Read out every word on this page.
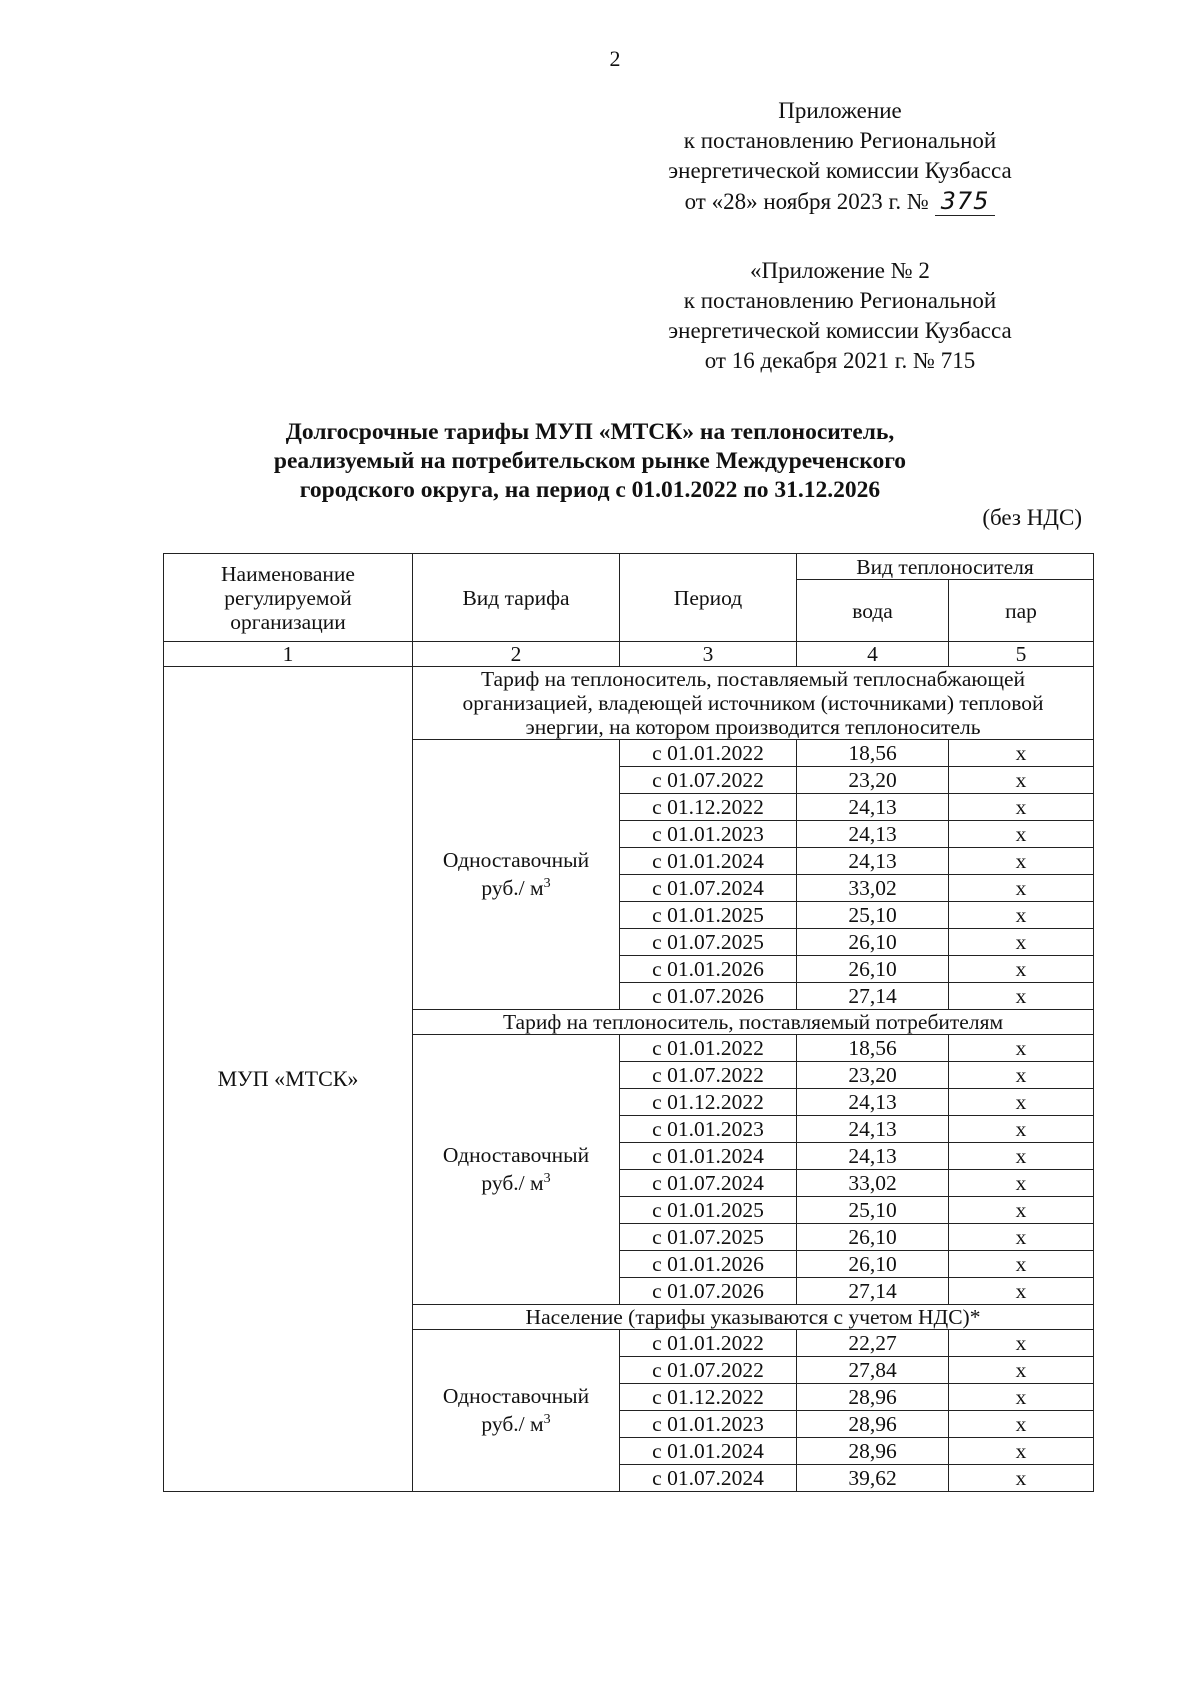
2
Приложение
к постановлению Региональной
энергетической комиссии Кузбасса
от «28» ноября 2023 г. № 375
«Приложение № 2
к постановлению Региональной
энергетической комиссии Кузбасса
от 16 декабря 2021 г. № 715
Долгосрочные тарифы МУП «МТСК» на теплоноситель,
реализуемый на потребительском рынке Междуреченского
городского округа, на период с 01.01.2022 по 31.12.2026
(без НДС)
Наименование
регулируемой
организации	Вид тарифа	Период	Вид теплоносителя	
			вода	пар
1	2	3	4	5
МУП «МТСК»	Тариф на теплоноситель, поставляемый теплоснабжающей
организацией, владеющей источником (источниками) тепловой
энергии, на котором производится теплоноситель			

	Одноставочный
руб./ $м^3$	с 01.01.2022	18,56	x
		с 01.07.2022	23,20	x
		с 01.12.2022	24,13	x
		с 01.01.2023	24,13	x
		с 01.01.2024	24,13	x
		с 01.07.2024	33,02	x
		с 01.01.2025	25,10	x
		с 01.07.2025	26,10	x
		с 01.01.2026	26,10	x
		с 01.07.2026	27,14	x

	Тариф на теплоноситель, поставляемый потребителям			

	Одноставочный
руб./ $м^3$	с 01.01.2022	18,56	x
		с 01.07.2022	23,20	x
		с 01.12.2022	24,13	x
		с 01.01.2023	24,13	x
		с 01.01.2024	24,13	x
		с 01.07.2024	33,02	x
		с 01.01.2025	25,10	x
		с 01.07.2025	26,10	x
		с 01.01.2026	26,10	x
		с 01.07.2026	27,14	x

	Население (тарифы указываются с учетом НДС)*			

	Одноставочный
руб./ $м^3$	с 01.01.2022	22,27	x
		с 01.07.2022	27,84	x
		с 01.12.2022	28,96	x
		с 01.01.2023	28,96	x
		с 01.01.2024	28,96	x
		с 01.07.2024	39,62	x
